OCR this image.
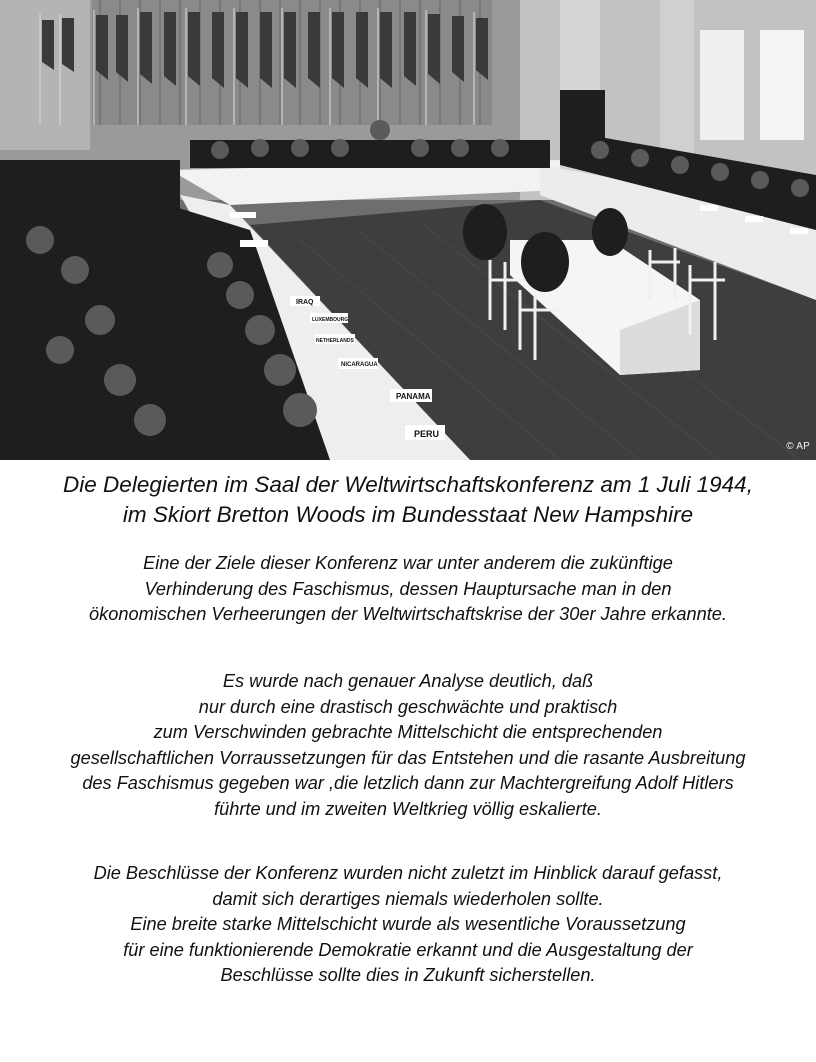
IRAQ
LUXEMBOURG
NETHERLANDS
NICARAGUA
PANAMA
PERU
© AP
Die Delegierten im Saal der Weltwirtschaftskonferenz am 1 Juli 1944,
im Skiort Bretton Woods im Bundesstaat New Hampshire
Eine der Ziele dieser Konferenz war unter anderem die zukünftige
Verhinderung des Faschismus, dessen Hauptursache man in den
ökonomischen Verheerungen der Weltwirtschaftskrise der 30er Jahre erkannte.
Es wurde nach genauer Analyse deutlich, daß
nur durch eine drastisch geschwächte und praktisch
zum Verschwinden gebrachte Mittelschicht die entsprechenden
gesellschaftlichen Vorraussetzungen für das Entstehen und die rasante Ausbreitung
des Faschismus gegeben war ,die letzlich dann zur Machtergreifung Adolf Hitlers
führte und im zweiten Weltkrieg völlig eskalierte.
Die Beschlüsse der Konferenz wurden nicht zuletzt im Hinblick darauf gefasst,
damit sich derartiges niemals wiederholen sollte.
Eine breite starke Mittelschicht wurde als wesentliche Voraussetzung
für eine funktionierende Demokratie erkannt und die Ausgestaltung der
Beschlüsse sollte dies in Zukunft sicherstellen.
